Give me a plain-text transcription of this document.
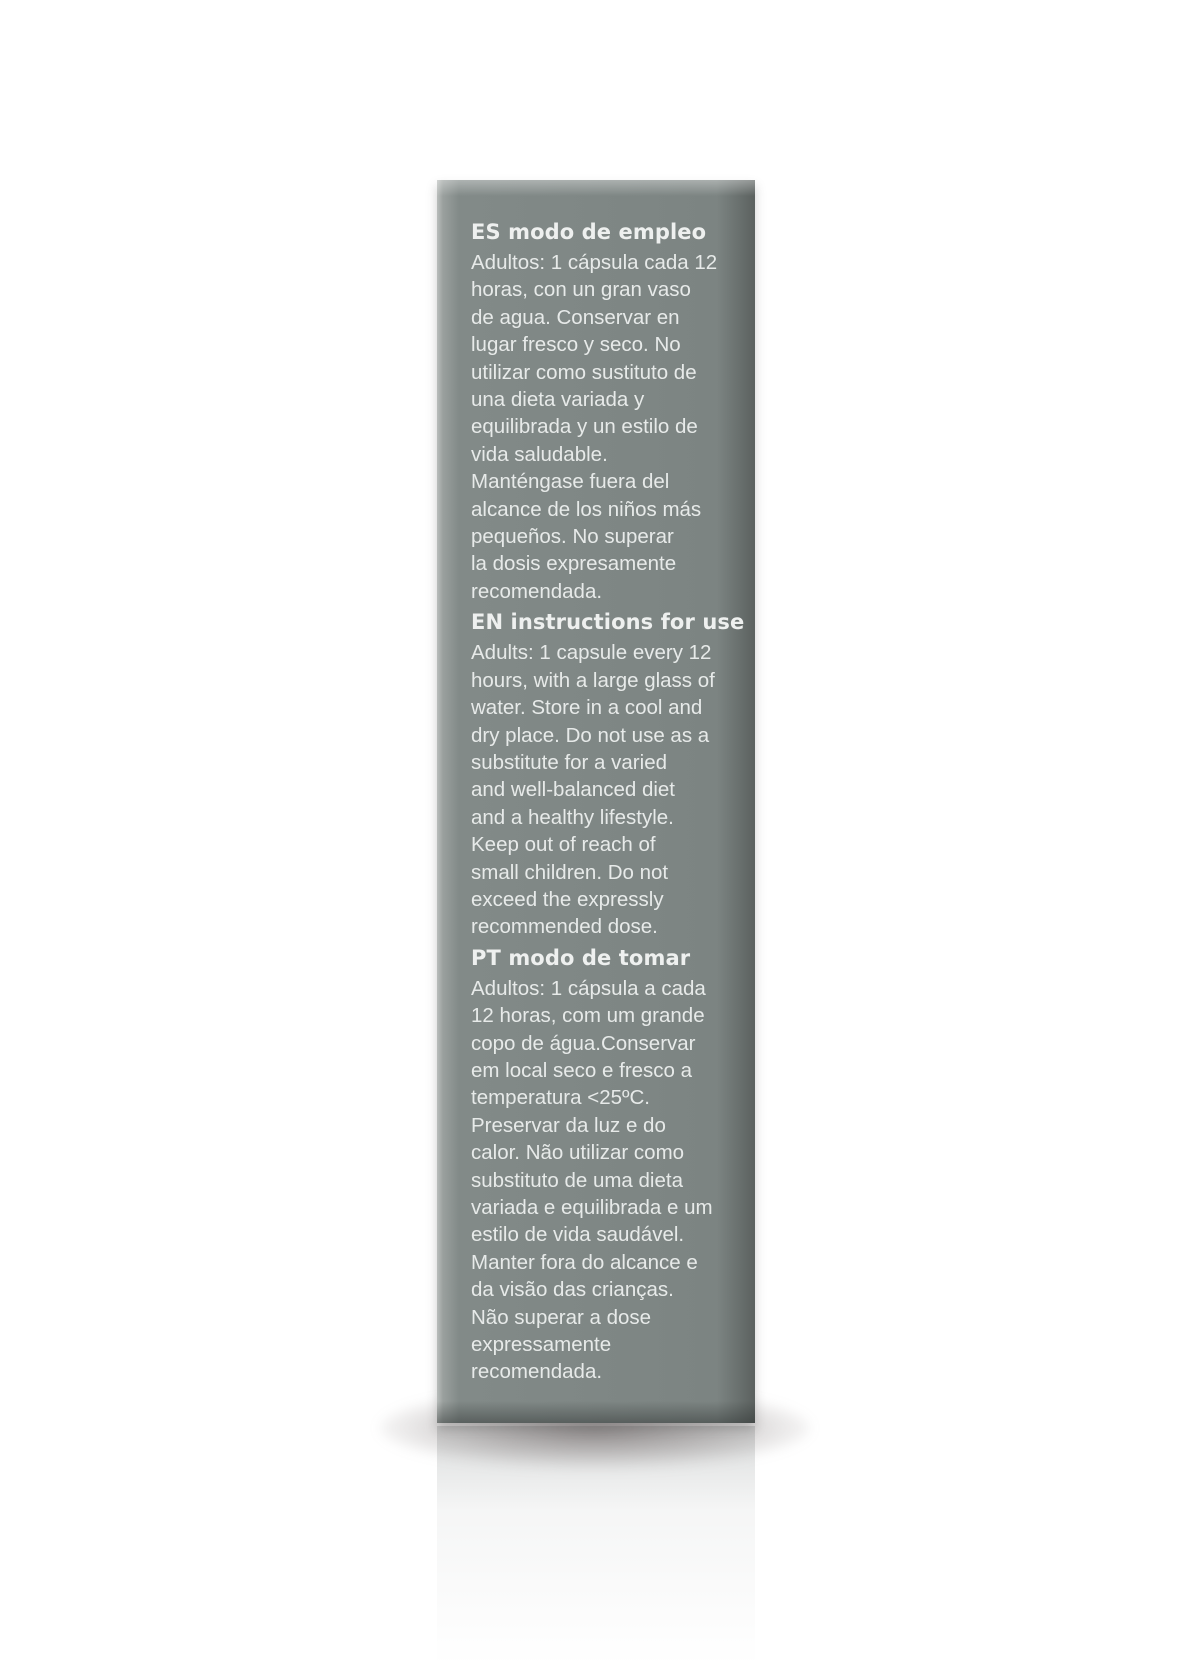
ES modo de empleo
Adultos: 1 cápsula cada 12
horas, con un gran vaso
de agua. Conservar en
lugar fresco y seco. No
utilizar como sustituto de
una dieta variada y
equilibrada y un estilo de
vida saludable.
Manténgase fuera del
alcance de los niños más
pequeños. No superar
la dosis expresamente
recomendada.
EN instructions for use
Adults: 1 capsule every 12
hours, with a large glass of
water. Store in a cool and
dry place. Do not use as a
substitute for a varied
and well-balanced diet
and a healthy lifestyle.
Keep out of reach of
small children. Do not
exceed the expressly
recommended dose.
PT modo de tomar
Adultos: 1 cápsula a cada
12 horas, com um grande
copo de água.Conservar
em local seco e fresco a
temperatura <25ºC.
Preservar da luz e do
calor. Não utilizar como
substituto de uma dieta
variada e equilibrada e um
estilo de vida saudável.
Manter fora do alcance e
da visão das crianças.
Não superar a dose
expressamente
recomendada.
